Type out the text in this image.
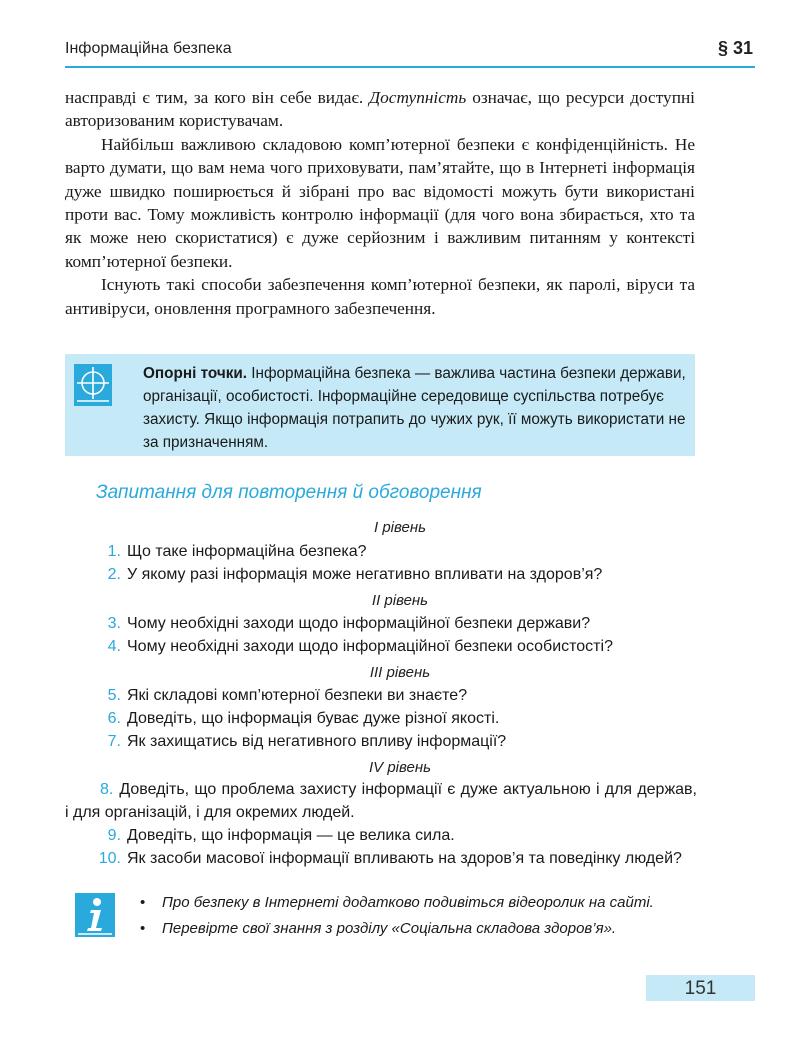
Інформаційна безпека	§ 31

насправді є тим, за кого він себе видає. Доступність означає, що ресурси доступні авторизованим користувачам.

Найбільш важливою складовою комп’ютерної безпеки є конфіденційність. Не варто думати, що вам нема чого приховувати, пам’ятайте, що в Інтернеті інформація дуже швидко поширюється й зібрані про вас відомості можуть бути використані проти вас. Тому можливість контролю інформації (для чого вона збирається, хто та як може нею скористатися) є дуже серйозним і важливим питанням у контексті комп’ютерної безпеки.

Існують такі способи забезпечення комп’ютерної безпеки, як паролі, віруси та антивіруси, оновлення програмного забезпечення.

Опорні точки. Інформаційна безпека — важлива частина безпеки держави, організації, особистості. Інформаційне середовище суспільства потребує захисту. Якщо інформація потрапить до чужих рук, її можуть використати не за призначенням.
Запитання для повторення й обговорення
І рівень
1. Що таке інформаційна безпека?
2. У якому разі інформація може негативно впливати на здоров’я?
ІІ рівень
3. Чому необхідні заходи щодо інформаційної безпеки держави?
4. Чому необхідні заходи щодо інформаційної безпеки особистості?
ІІІ рівень
5. Які складові комп’ютерної безпеки ви знаєте?
6. Доведіть, що інформація буває дуже різної якості.
7. Як захищатись від негативного впливу інформації?
ІV рівень
8. Доведіть, що проблема захисту інформації є дуже актуальною і для держав, і для організацій, і для окремих людей.
9. Доведіть, що інформація — це велика сила.
10. Як засоби масової інформації впливають на здоров’я та поведінку людей?
• Про безпеку в Інтернеті додатково подивіться відеоролик на сайті.
• Перевірте свої знання з розділу «Соціальна складова здоров’я».
151
